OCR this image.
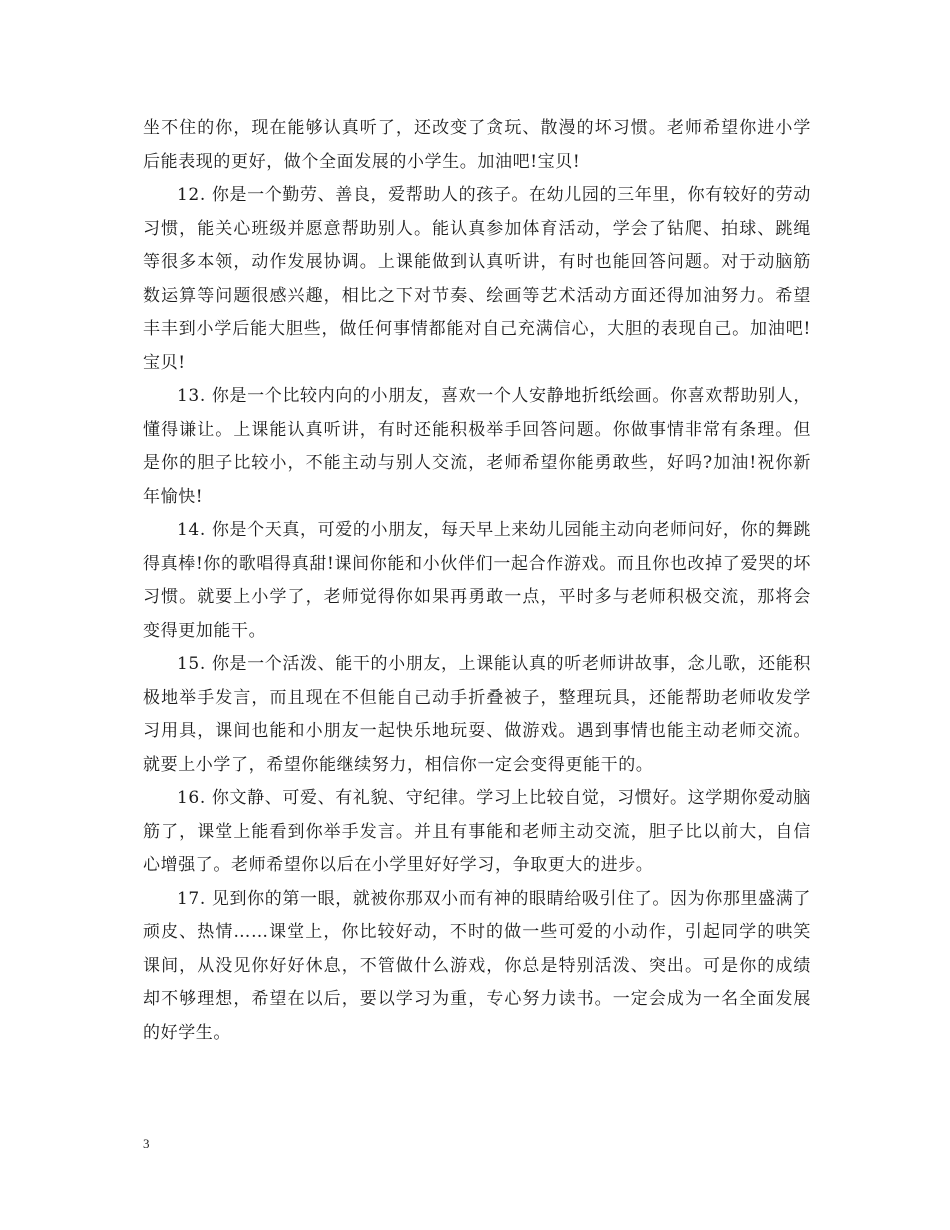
坐不住的你，现在能够认真听了，还改变了贪玩、散漫的坏习惯。老师希望你进小学后能表现的更好，做个全面发展的小学生。加油吧!宝贝!

12. 你是一个勤劳、善良，爱帮助人的孩子。在幼儿园的三年里，你有较好的劳动习惯，能关心班级并愿意帮助别人。能认真参加体育活动，学会了钻爬、拍球、跳绳等很多本领，动作发展协调。上课能做到认真听讲，有时也能回答问题。对于动脑筋数运算等问题很感兴趣，相比之下对节奏、绘画等艺术活动方面还得加油努力。希望丰丰到小学后能大胆些，做任何事情都能对自己充满信心，大胆的表现自己。加油吧!宝贝!

13. 你是一个比较内向的小朋友，喜欢一个人安静地折纸绘画。你喜欢帮助别人，懂得谦让。上课能认真听讲，有时还能积极举手回答问题。你做事情非常有条理。但是你的胆子比较小，不能主动与别人交流，老师希望你能勇敢些，好吗?加油!祝你新年愉快!

14. 你是个天真，可爱的小朋友，每天早上来幼儿园能主动向老师问好，你的舞跳得真棒!你的歌唱得真甜!课间你能和小伙伴们一起合作游戏。而且你也改掉了爱哭的坏习惯。就要上小学了，老师觉得你如果再勇敢一点，平时多与老师积极交流，那将会变得更加能干。

15. 你是一个活泼、能干的小朋友，上课能认真的听老师讲故事，念儿歌，还能积极地举手发言，而且现在不但能自己动手折叠被子，整理玩具，还能帮助老师收发学习用具，课间也能和小朋友一起快乐地玩耍、做游戏。遇到事情也能主动老师交流。就要上小学了，希望你能继续努力，相信你一定会变得更能干的。

16. 你文静、可爱、有礼貌、守纪律。学习上比较自觉，习惯好。这学期你爱动脑筋了，课堂上能看到你举手发言。并且有事能和老师主动交流，胆子比以前大，自信心增强了。老师希望你以后在小学里好好学习，争取更大的进步。

17. 见到你的第一眼，就被你那双小而有神的眼睛给吸引住了。因为你那里盛满了顽皮、热情……课堂上，你比较好动，不时的做一些可爱的小动作，引起同学的哄笑课间，从没见你好好休息，不管做什么游戏，你总是特别活泼、突出。可是你的成绩却不够理想，希望在以后，要以学习为重，专心努力读书。一定会成为一名全面发展的好学生。

3
